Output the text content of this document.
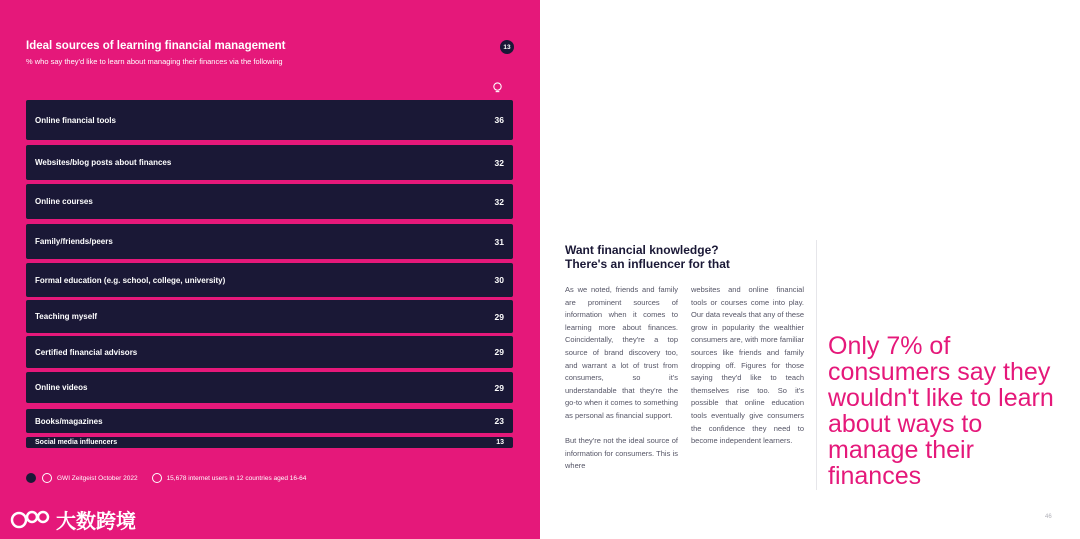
Ideal sources of learning financial management
% who say they'd like to learn about managing their finances via the following
13
Online financial tools	36
Websites/blog posts about finances	32
Online courses	32
Family/friends/peers	31
Formal education (e.g. school, college, university)	30
Teaching myself	29
Certified financial advisors	29
Online videos	29
Books/magazines	23
Social media influencers	13
GWI Zeitgeist October 2022	15,678 internet users in 12 countries aged 16-64
大数跨境
Want financial knowledge?
There's an influencer for that

As we noted, friends and family are prominent sources of information when it comes to learning more about finances. Coincidentally, they're a top source of brand discovery too, and warrant a lot of trust from consumers, so it's understandable that they're the go-to when it comes to something as personal as financial support.

But they're not the ideal source of information for consumers. This is where

websites and online financial tools or courses come into play. Our data reveals that any of these grow in popularity the wealthier consumers are, with more familiar sources like friends and family dropping off. Figures for those saying they'd like to teach themselves rise too. So it's possible that online education tools eventually give consumers the confidence they need to become independent learners.

Only 7% of consumers say they wouldn't like to learn about ways to manage their finances
46
